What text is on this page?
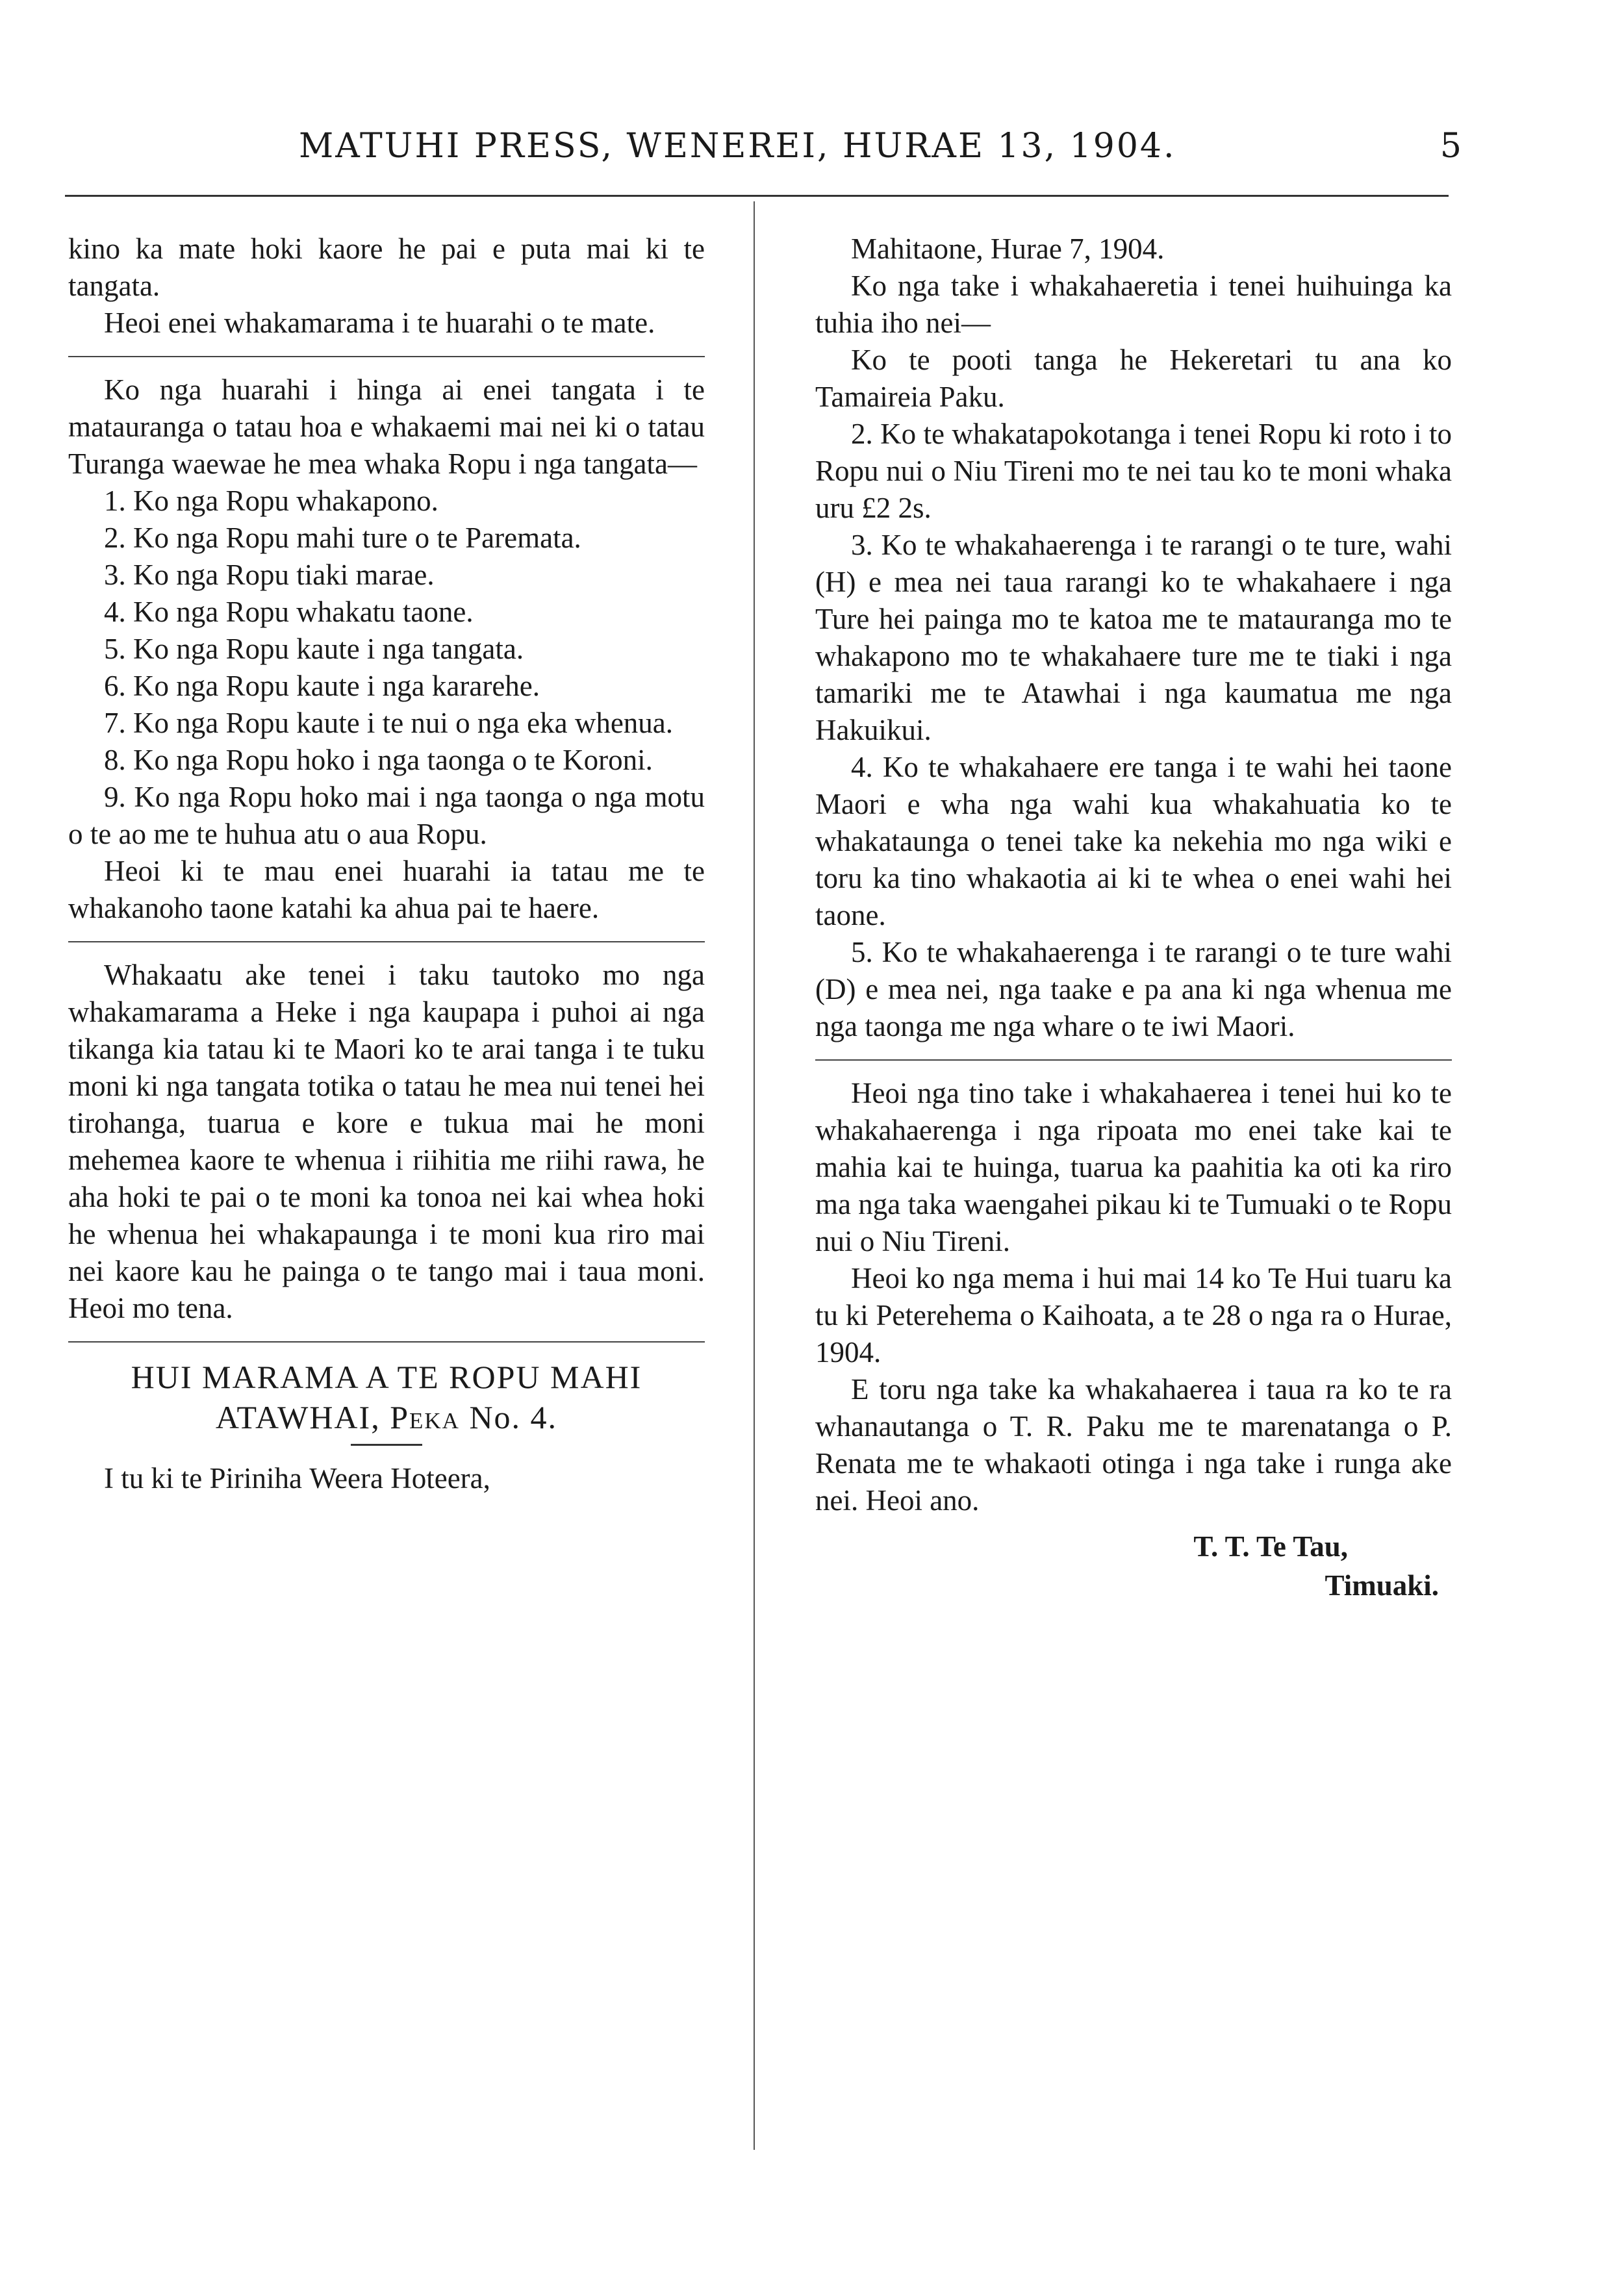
MATUHI PRESS, WENEREI, HURAE 13, 1904.	5

kino ka mate hoki kaore he pai e puta mai ki te tangata.

Heoi enei whakamarama i te huarahi o te mate.

Ko nga huarahi i hinga ai enei tangata i te matauranga o tatau hoa e whakaemi mai nei ki o tatau Turanga waewae he mea whaka Ropu i nga tangata—

1. Ko nga Ropu whakapono.

2. Ko nga Ropu mahi ture o te Paremata.

3. Ko nga Ropu tiaki marae.

4. Ko nga Ropu whakatu taone.

5. Ko nga Ropu kaute i nga tangata.

6. Ko nga Ropu kaute i nga kararehe.

7. Ko nga Ropu kaute i te nui o nga eka whenua.

8. Ko nga Ropu hoko i nga taonga o te Koroni.

9. Ko nga Ropu hoko mai i nga taonga o nga motu o te ao me te huhua atu o aua Ropu.

Heoi ki te mau enei huarahi ia tatau me te whakanoho taone katahi ka ahua pai te haere.

Whakaatu ake tenei i taku tautoko mo nga whakamarama a Heke i nga kaupapa i puhoi ai nga tikanga kia tatau ki te Maori ko te arai tanga i te tuku moni ki nga tangata totika o tatau he mea nui tenei hei tirohanga, tuarua e kore e tukua mai he moni mehemea kaore te whenua i riihitia me riihi rawa, he aha hoki te pai o te moni ka tonoa nei kai whea hoki he whenua hei whakapaunga i te moni kua riro mai nei kaore kau he painga o te tango mai i taua moni. Heoi mo tena.

HUI MARAMA A TE ROPU MAHI
ATAWHAI, Peka No. 4.

I tu ki te Pirinihа Weera Hoteera,

Mahitaone, Hurae 7, 1904.

Ko nga take i whakahaeretia i tenei huihuinga ka tuhia iho nei—

Ko te pooti tanga he Hekeretari tu ana ko Tamaireia Paku.

2. Ko te whakatapokotanga i tenei Ropu ki roto i to Ropu nui o Niu Tireni mo te nei tau ko te moni whaka uru £2 2s.

3. Ko te whakahaerenga i te rarangi o te ture, wahi (H) e mea nei taua rarangi ko te whakahaere i nga Ture hei painga mo te katoa me te matauranga mo te whakapono mo te whakahaere ture me te tiaki i nga tamariki me te Atawhai i nga kaumatua me nga Hakuikui.

4. Ko te whakahaere ere tanga i te wahi hei taone Maori e wha nga wahi kua whakahuatia ko te whakataunga o tenei take ka nekehia mo nga wiki e toru ka tino whakaotia ai ki te whea o enei wahi hei taone.

5. Ko te whakahaerenga i te rarangi o te ture wahi (D) e mea nei, nga taake e pa ana ki nga whenua me nga taonga me nga whare o te iwi Maori.

Heoi nga tino take i whakahaerea i tenei hui ko te whakahaerenga i nga ripoata mo enei take kai te mahia kai te huinga, tuarua ka paahitia ka oti ka riro ma nga taka waengahei pikau ki te Tumuaki o te Ropu nui o Niu Tireni.

Heoi ko nga mema i hui mai 14 ko Te Hui tuaru ka tu ki Peterehema o Kaihoata, a te 28 o nga ra o Hurae, 1904.

E toru nga take ka whakahaerea i taua ra ko te ra whanautanga o T. R. Paku me te marenatanga o P. Renata me te whakaoti otinga i nga take i runga ake nei. Heoi ano.

T. T. Te Tau,
Timuaki.
